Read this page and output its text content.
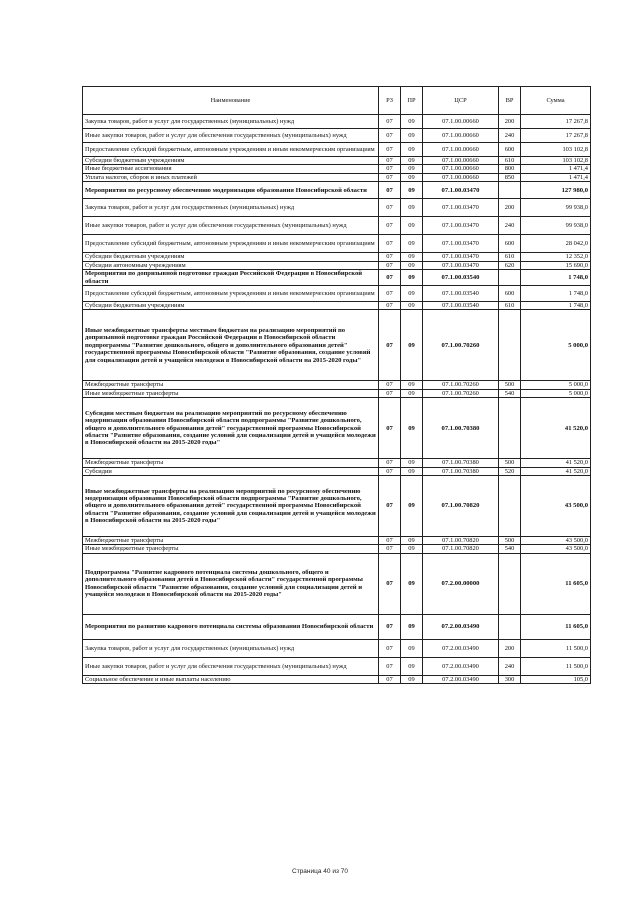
Наименование	РЗ	ПР	ЦСР	ВР	Сумма
Закупка товаров, работ и услуг для государственных (муниципальных) нужд	07	09	07.1.00.00660	200	17 267,8
Иные закупки товаров, работ и услуг для обеспечения государственных (муниципальных) нужд	07	09	07.1.00.00660	240	17 267,8
Предоставление субсидий бюджетным, автономным учреждениям и иным некоммерческим организациям	07	09	07.1.00.00660	600	103 102,8
Субсидии бюджетным учреждениям	07	09	07.1.00.00660	610	103 102,8
Иные бюджетные ассигнования	07	09	07.1.00.00660	800	1 471,4
Уплата налогов, сборов и иных платежей	07	09	07.1.00.00660	850	1 471,4
Мероприятия по ресурсному обеспечению модернизации образования Новосибирской области	07	09	07.1.00.03470		127 980,0
Закупка товаров, работ и услуг для государственных (муниципальных) нужд	07	09	07.1.00.03470	200	99 938,0
Иные закупки товаров, работ и услуг для обеспечения государственных (муниципальных) нужд	07	09	07.1.00.03470	240	99 938,0
Предоставление субсидий бюджетным, автономным учреждениям и иным некоммерческим организациям	07	09	07.1.00.03470	600	28 042,0
Субсидии бюджетным учреждениям	07	09	07.1.00.03470	610	12 352,0
Субсидии автономным учреждениям	07	09	07.1.00.03470	620	15 690,0
Мероприятия по допризывной подготовке граждан Российской Федерации в Новосибирской области	07	09	07.1.00.03540		1 748,0
Предоставление субсидий бюджетным, автономным учреждениям и иным некоммерческим организациям	07	09	07.1.00.03540	600	1 748,0
Субсидии бюджетным учреждениям	07	09	07.1.00.03540	610	1 748,0
Иные межбюджетные трансферты местным бюджетам на реализацию мероприятий по допризывной подготовке граждан Российской Федерации в Новосибирской области подпрограммы "Развитие дошкольного, общего и дополнительного образования детей" государственной программы Новосибирской области "Развитие образования, создание условий для социализации детей и учащейся молодежи в Новосибирской области на 2015-2020 годы"	07	09	07.1.00.70260		5 000,0
Межбюджетные трансферты	07	09	07.1.00.70260	500	5 000,0
Иные межбюджетные трансферты	07	09	07.1.00.70260	540	5 000,0
Субсидии местным бюджетам на реализацию мероприятий по ресурсному обеспечению модернизации образования Новосибирской области подпрограммы "Развитие дошкольного, общего и дополнительного образования детей" государственной программы Новосибирской области "Развитие образования, создание условий для социализации детей и учащейся молодежи в Новосибирской области на 2015-2020 годы"	07	09	07.1.00.70380		41 520,0
Межбюджетные трансферты	07	09	07.1.00.70380	500	41 520,0
Субсидии	07	09	07.1.00.70380	520	41 520,0
Иные межбюджетные трансферты на реализацию мероприятий по ресурсному обеспечению модернизации образования Новосибирской области подпрограммы "Развитие дошкольного, общего и дополнительного образования детей" государственной программы Новосибирской области "Развитие образования, создание условий для социализации детей и учащейся молодежи в Новосибирской области на 2015-2020 годы"	07	09	07.1.00.70820		43 500,0
Межбюджетные трансферты	07	09	07.1.00.70820	500	43 500,0
Иные межбюджетные трансферты	07	09	07.1.00.70820	540	43 500,0
Подпрограмма "Развитие кадрового потенциала системы дошкольного, общего и дополнительного образования детей в Новосибирской области" государственной программы Новосибирской области "Развитие образования, создание условий для социализации детей и учащейся молодежи в Новосибирской области на 2015-2020 годы"	07	09	07.2.00.00000		11 605,0
Мероприятия по развитию кадрового потенциала системы образования Новосибирской области	07	09	07.2.00.03490		11 605,0
Закупка товаров, работ и услуг для государственных (муниципальных) нужд	07	09	07.2.00.03490	200	11 500,0
Иные закупки товаров, работ и услуг для обеспечения государственных (муниципальных) нужд	07	09	07.2.00.03490	240	11 500,0
Социальное обеспечение и иные выплаты населению	07	09	07.2.00.03490	300	105,0
Страница 40 из 70
